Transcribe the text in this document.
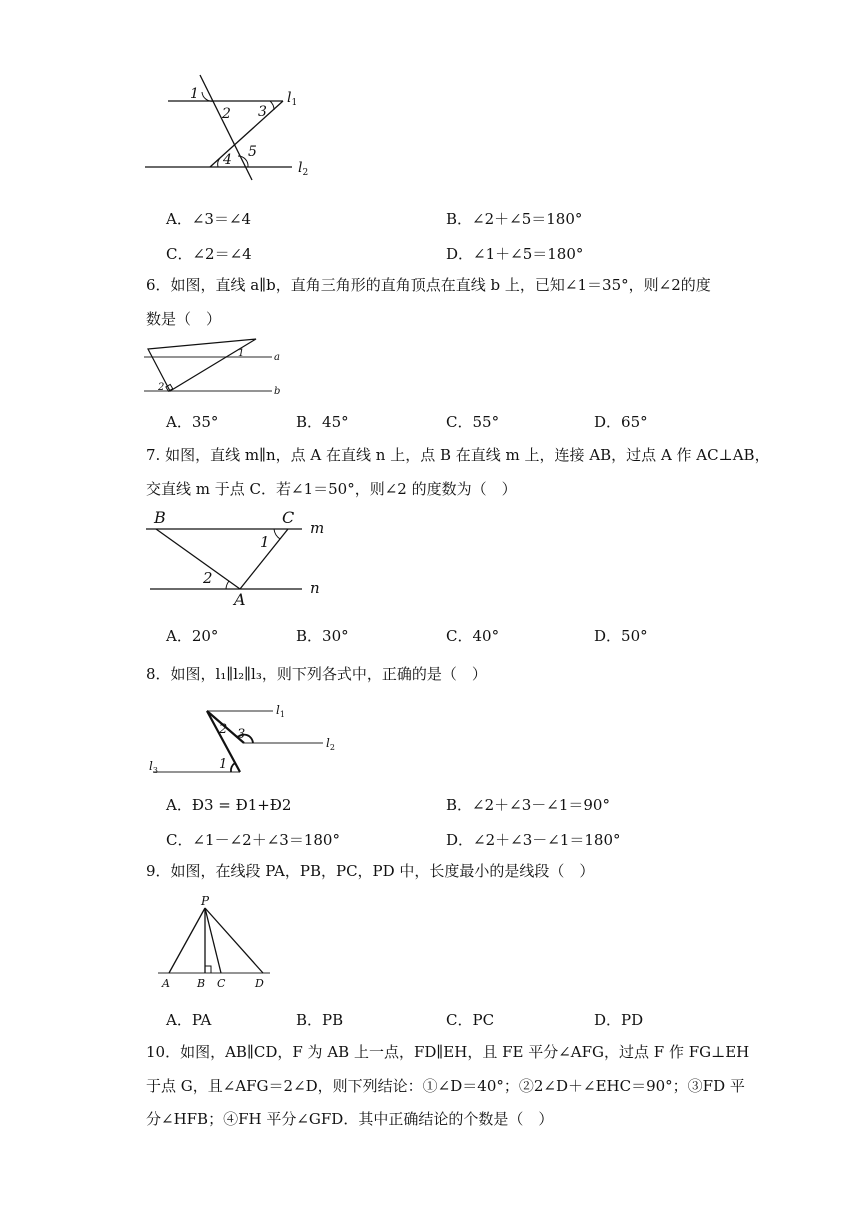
1
2 3
4 5
$l_1$
$l_2$
A．∠3＝∠4	B．∠2＋∠5＝180°
C．∠2＝∠4	D．∠1＋∠5＝180°
6．如图，直线 a∥b，直角三角形的直角顶点在直线 b 上，已知∠1＝35°，则∠2的度
数是（　）
1
2
a
b
A．35°	B．45°	C．55°	D．65°
7. 如图，直线 m∥n，点 A 在直线 n 上，点 B 在直线 m 上，连接 AB，过点 A 作 AC⊥AB，
交直线 m 于点 C．若∠1＝50°，则∠2 的度数为（　）
B	C
m
n
A
1
2
A．20°	B．30°	C．40°	D．50°
8．如图，l₁∥l₂∥l₃，则下列各式中，正确的是（　）
1
2 3
$l_1$
$l_2$
$l_3$
A．Ð3 = Ð1+Ð2	B．∠2＋∠3－∠1＝90°
C．∠1－∠2＋∠3＝180°	D．∠2＋∠3－∠1＝180°
9．如图，在线段 PA，PB，PC，PD 中，长度最小的是线段（　）
P
A B C	D
A．PA	B．PB	C．PC	D．PD
10．如图，AB∥CD，F 为 AB 上一点，FD∥EH，且 FE 平分∠AFG，过点 F 作 FG⊥EH
于点 G，且∠AFG＝2∠D，则下列结论：①∠D＝40°；②2∠D＋∠EHC＝90°；③FD 平
分∠HFB；④FH 平分∠GFD．其中正确结论的个数是（　）
